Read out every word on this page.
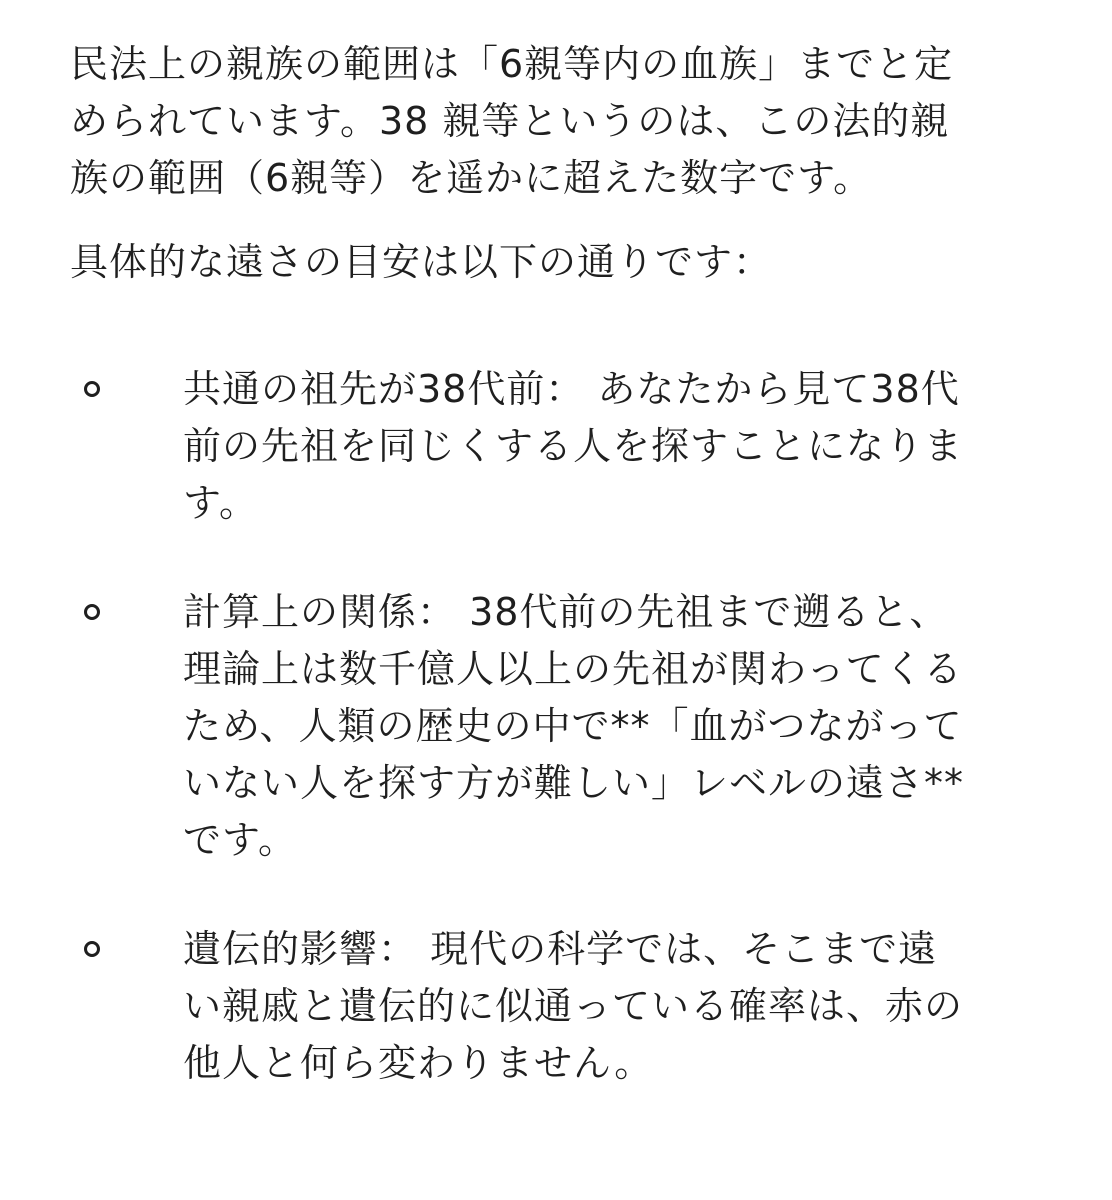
民法上の親族の範囲は「6親等内の血族」までと定
められています。38 親等というのは、この法的親
族の範囲（6親等）を遥かに超えた数字です。

具体的な遠さの目安は以下の通りです：

共通の祖先が38代前： あなたから見て38代
前の先祖を同じくする人を探すことになりま
す。
計算上の関係： 38代前の先祖まで遡ると、
理論上は数千億人以上の先祖が関わってくる
ため、人類の歴史の中で**「血がつながって
いない人を探す方が難しい」レベルの遠さ**
です。
遺伝的影響： 現代の科学では、そこまで遠
い親戚と遺伝的に似通っている確率は、赤の
他人と何ら変わりません。
